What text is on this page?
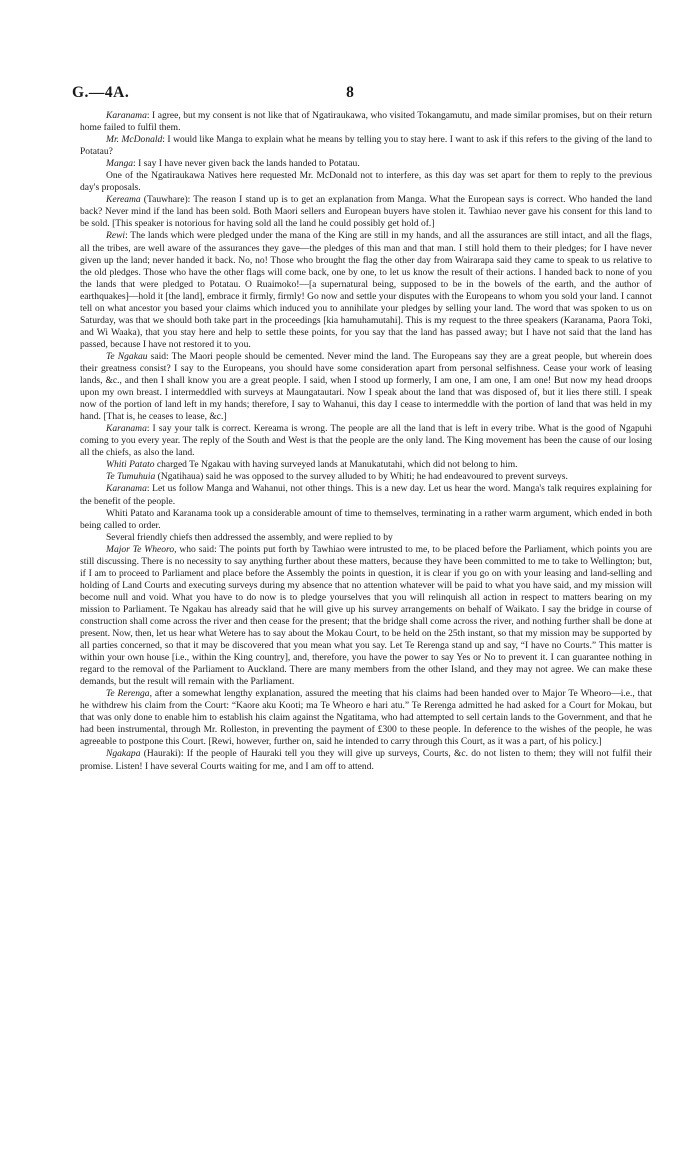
G.—4A.	8

Karanama: I agree, but my consent is not like that of Ngatiraukawa, who visited Tokangamutu, and made similar promises, but on their return home failed to fulfil them.

Mr. McDonald: I would like Manga to explain what he means by telling you to stay here. I want to ask if this refers to the giving of the land to Potatau?

Manga: I say I have never given back the lands handed to Potatau.

One of the Ngatiraukawa Natives here requested Mr. McDonald not to interfere, as this day was set apart for them to reply to the previous day's proposals.

Kereama (Tauwhare): The reason I stand up is to get an explanation from Manga. What the European says is correct. Who handed the land back? Never mind if the land has been sold. Both Maori sellers and European buyers have stolen it. Tawhiao never gave his consent for this land to be sold. [This speaker is notorious for having sold all the land he could possibly get hold of.]

Rewi: The lands which were pledged under the mana of the King are still in my hands, and all the assurances are still intact, and all the flags, all the tribes, are well aware of the assurances they gave—the pledges of this man and that man. I still hold them to their pledges; for I have never given up the land; never handed it back. No, no! Those who brought the flag the other day from Wairarapa said they came to speak to us relative to the old pledges. Those who have the other flags will come back, one by one, to let us know the result of their actions. I handed back to none of you the lands that were pledged to Potatau. O Ruaimoko!—[a supernatural being, supposed to be in the bowels of the earth, and the author of earthquakes]—hold it [the land], embrace it firmly, firmly! Go now and settle your disputes with the Europeans to whom you sold your land. I cannot tell on what ancestor you based your claims which induced you to annihilate your pledges by selling your land. The word that was spoken to us on Saturday, was that we should both take part in the proceedings [kia hamuhamutahi]. This is my request to the three speakers (Karanama, Paora Toki, and Wi Waaka), that you stay here and help to settle these points, for you say that the land has passed away; but I have not said that the land has passed, because I have not restored it to you.

Te Ngakau said: The Maori people should be cemented. Never mind the land. The Europeans say they are a great people, but wherein does their greatness consist? I say to the Europeans, you should have some consideration apart from personal selfishness. Cease your work of leasing lands, &c., and then I shall know you are a great people. I said, when I stood up formerly, I am one, I am one, I am one! But now my head droops upon my own breast. I intermeddled with surveys at Maungatautari. Now I speak about the land that was disposed of, but it lies there still. I speak now of the portion of land left in my hands; therefore, I say to Wahanui, this day I cease to intermeddle with the portion of land that was held in my hand. [That is, he ceases to lease, &c.]

Karanama: I say your talk is correct. Kereama is wrong. The people are all the land that is left in every tribe. What is the good of Ngapuhi coming to you every year. The reply of the South and West is that the people are the only land. The King movement has been the cause of our losing all the chiefs, as also the land.

Whiti Patato charged Te Ngakau with having surveyed lands at Manukatutahi, which did not belong to him.

Te Tumuhuia (Ngatihaua) said he was opposed to the survey alluded to by Whiti; he had endeavoured to prevent surveys.

Karanama: Let us follow Manga and Wahanui, not other things. This is a new day. Let us hear the word. Manga's talk requires explaining for the benefit of the people.

Whiti Patato and Karanama took up a considerable amount of time to themselves, terminating in a rather warm argument, which ended in both being called to order.

Several friendly chiefs then addressed the assembly, and were replied to by

Major Te Wheoro, who said: The points put forth by Tawhiao were intrusted to me, to be placed before the Parliament, which points you are still discussing. There is no necessity to say anything further about these matters, because they have been committed to me to take to Wellington; but, if I am to proceed to Parliament and place before the Assembly the points in question, it is clear if you go on with your leasing and land-selling and holding of Land Courts and executing surveys during my absence that no attention whatever will be paid to what you have said, and my mission will become null and void. What you have to do now is to pledge yourselves that you will relinquish all action in respect to matters bearing on my mission to Parliament. Te Ngakau has already said that he will give up his survey arrangements on behalf of Waikato. I say the bridge in course of construction shall come across the river and then cease for the present; that the bridge shall come across the river, and nothing further shall be done at present. Now, then, let us hear what Wetere has to say about the Mokau Court, to be held on the 25th instant, so that my mission may be supported by all parties concerned, so that it may be discovered that you mean what you say. Let Te Rerenga stand up and say, “I have no Courts.” This matter is within your own house [i.e., within the King country], and, therefore, you have the power to say Yes or No to prevent it. I can guarantee nothing in regard to the removal of the Parliament to Auckland. There are many members from the other Island, and they may not agree. We can make these demands, but the result will remain with the Parliament.

Te Rerenga, after a somewhat lengthy explanation, assured the meeting that his claims had been handed over to Major Te Wheoro—i.e., that he withdrew his claim from the Court: “Kaore aku Kooti; ma Te Wheoro e hari atu.” Te Rerenga admitted he had asked for a Court for Mokau, but that was only done to enable him to establish his claim against the Ngatitama, who had attempted to sell certain lands to the Government, and that he had been instrumental, through Mr. Rolleston, in preventing the payment of £300 to these people. In deference to the wishes of the people, he was agreeable to postpone this Court. [Rewi, however, further on, said he intended to carry through this Court, as it was a part, of his policy.]

Ngakapa (Hauraki): If the people of Hauraki tell you they will give up surveys, Courts, &c. do not listen to them; they will not fulfil their promise. Listen! I have several Courts waiting for me, and I am off to attend.
